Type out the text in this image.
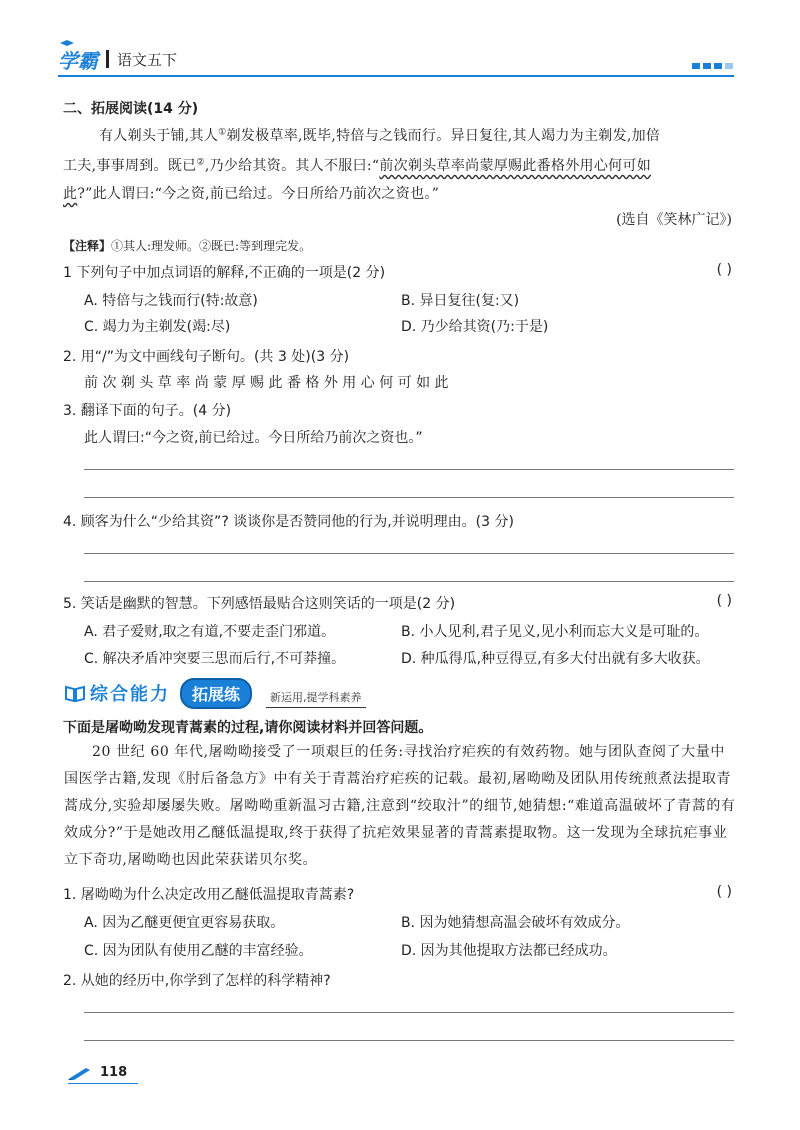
学霸 语文五下
二、拓展阅读(14 分)
有人剃头于铺,其人①剃发极草率,既毕,特倍与之钱而行。异日复往,其人竭力为主剃发,加倍
工夫,事事周到。既已②,乃少给其资。其人不服曰:“前次剃头草率尚蒙厚赐此番格外用心何可如
此?”此人谓曰:“今之资,前已给过。今日所给乃前次之资也。”
(选自《笑林广记》)
【注释】①其人:理发师。②既已:等到理完发。
1 下列句子中加点词语的解释,不正确的一项是(2 分)	( )
A. 特倍与之钱而行(特:故意)	B. 异日复往(复:又)
C. 竭力为主剃发(竭:尽)	D. 乃少给其资(乃:于是)
2. 用“/”为文中画线句子断句。(共 3 处)(3 分)
前 次 剃 头 草 率 尚 蒙 厚 赐 此 番 格 外 用 心 何 可 如 此
3. 翻译下面的句子。(4 分)
此人谓曰:“今之资,前已给过。今日所给乃前次之资也。”
4. 顾客为什么“少给其资”? 谈谈你是否赞同他的行为,并说明理由。(3 分)
5. 笑话是幽默的智慧。下列感悟最贴合这则笑话的一项是(2 分)	( )
A. 君子爱财,取之有道,不要走歪门邪道。	B. 小人见利,君子见义,见小利而忘大义是可耻的。
C. 解决矛盾冲突要三思而后行,不可莽撞。	D. 种瓜得瓜,种豆得豆,有多大付出就有多大收获。
综合能力	拓展练	新运用,提学科素养
下面是屠呦呦发现青蒿素的过程,请你阅读材料并回答问题。
20 世纪 60 年代,屠呦呦接受了一项艰巨的任务:寻找治疗疟疾的有效药物。她与团队查阅了大量中国医学古籍,发现《肘后备急方》中有关于青蒿治疗疟疾的记载。最初,屠呦呦及团队用传统煎煮法提取青蒿成分,实验却屡屡失败。屠呦呦重新温习古籍,注意到“绞取汁”的细节,她猜想:“难道高温破坏了青蒿的有效成分?”于是她改用乙醚低温提取,终于获得了抗疟效果显著的青蒿素提取物。这一发现为全球抗疟事业立下奇功,屠呦呦也因此荣获诺贝尔奖。
1. 屠呦呦为什么决定改用乙醚低温提取青蒿素?	( )
A. 因为乙醚更便宜更容易获取。	B. 因为她猜想高温会破坏有效成分。
C. 因为团队有使用乙醚的丰富经验。	D. 因为其他提取方法都已经成功。
2. 从她的经历中,你学到了怎样的科学精神?
118
